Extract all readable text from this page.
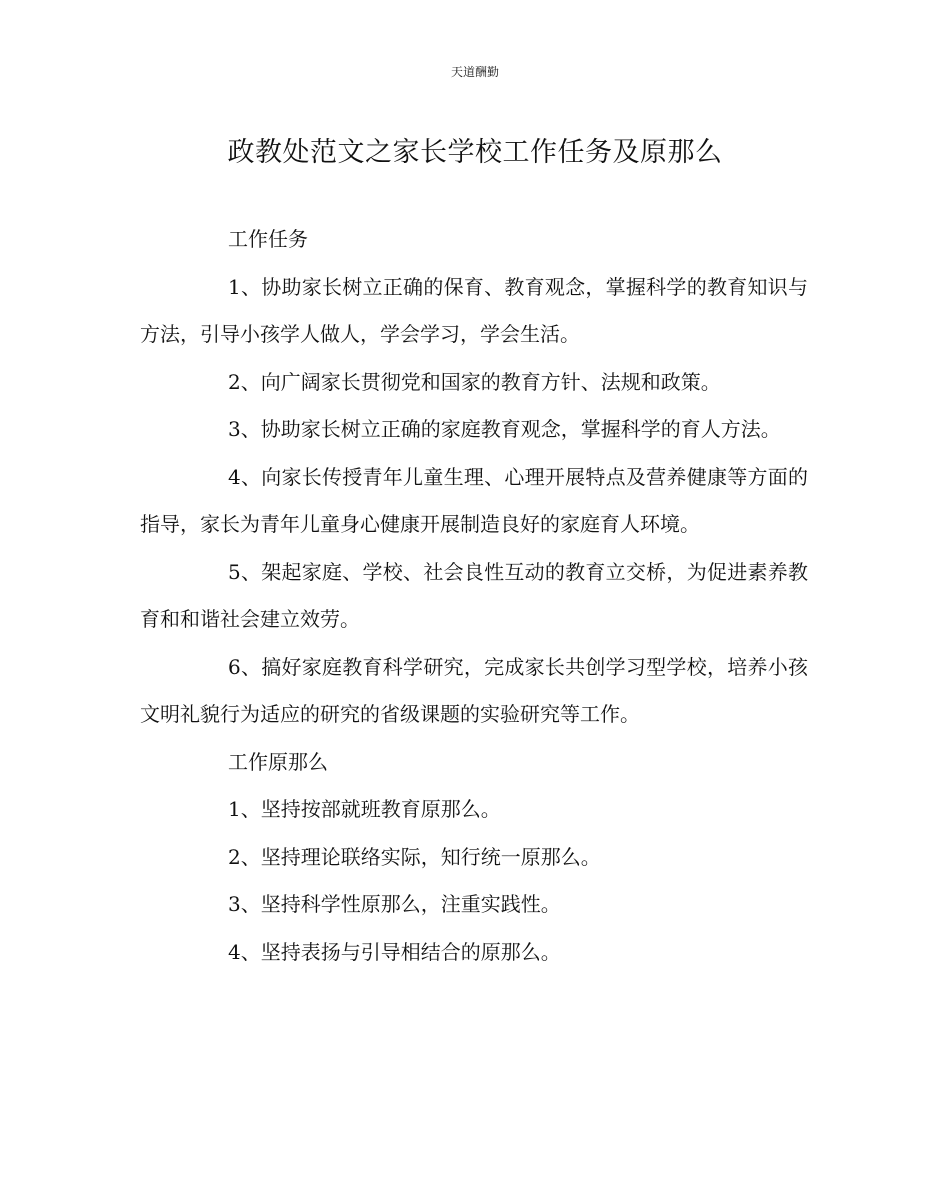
天道酬勤
政教处范文之家长学校工作任务及原那么

工作任务

1、协助家长树立正确的保育、教育观念，掌握科学的教育知识与方法，引导小孩学人做人，学会学习，学会生活。

2、向广阔家长贯彻党和国家的教育方针、法规和政策。

3、协助家长树立正确的家庭教育观念，掌握科学的育人方法。

4、向家长传授青年儿童生理、心理开展特点及营养健康等方面的指导，家长为青年儿童身心健康开展制造良好的家庭育人环境。

5、架起家庭、学校、社会良性互动的教育立交桥，为促进素养教育和和谐社会建立效劳。

6、搞好家庭教育科学研究，完成家长共创学习型学校，培养小孩文明礼貌行为适应的研究的省级课题的实验研究等工作。

工作原那么

1、坚持按部就班教育原那么。

2、坚持理论联络实际，知行统一原那么。

3、坚持科学性原那么，注重实践性。

4、坚持表扬与引导相结合的原那么。
